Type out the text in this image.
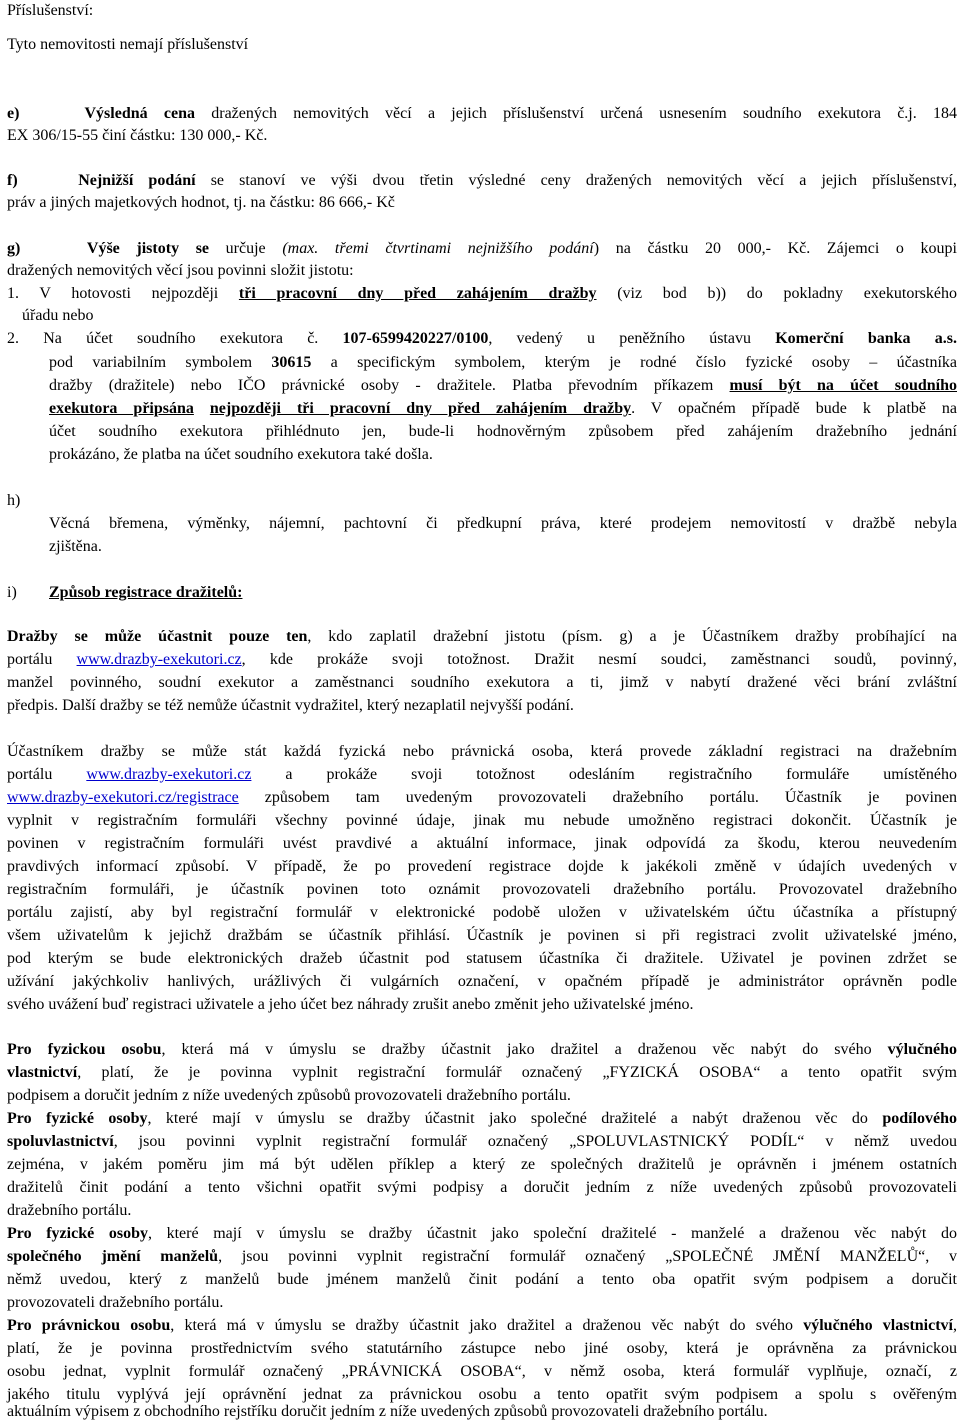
Příslušenství:
Tyto nemovitosti nemají příslušenství
e)	Výsledná cena dražených nemovitých věcí a jejich příslušenství určená usnesením soudního exekutora č.j. 184
EX 306/15-55 činí částku: 130 000,- Kč.
f)	Nejnižší podání se stanoví ve výši dvou třetin výsledné ceny dražených nemovitých věcí a jejich příslušenství,
práv a jiných majetkových hodnot, tj. na částku: 86 666,- Kč
g)	Výše jistoty se určuje (max. třemi čtvrtinami nejnižšího podání) na částku 20 000,- Kč. Zájemci o koupi
dražených nemovitých věcí jsou povinni složit jistotu:
1. V hotovosti nejpozději tři pracovní dny před zahájením dražby (viz bod b)) do pokladny exekutorského
úřadu nebo
2. Na účet soudního exekutora č. 107-6599420227/0100, vedený u peněžního ústavu Komerční banka a.s.
pod variabilním symbolem 30615 a specifickým symbolem, kterým je rodné číslo fyzické osoby – účastníka
dražby (dražitele) nebo IČO právnické osoby - dražitele. Platba převodním příkazem musí být na účet soudního
exekutora připsána nejpozději tři pracovní dny před zahájením dražby. V opačném případě bude k platbě na
účet soudního exekutora přihlédnuto jen, bude-li hodnověrným způsobem před zahájením dražebního jednání
prokázáno, že platba na účet soudního exekutora také došla.
h)
Věcná břemena, výměnky, nájemní, pachtovní či předkupní práva, které prodejem nemovitostí v dražbě nebyla
zjištěna.
i) Způsob registrace dražitelů:
Dražby se může účastnit pouze ten, kdo zaplatil dražební jistotu (písm. g) a je Účastníkem dražby probíhající na
portálu www.drazby-exekutori.cz, kde prokáže svoji totožnost. Dražit nesmí soudci, zaměstnanci soudů, povinný,
manžel povinného, soudní exekutor a zaměstnanci soudního exekutora a ti, jimž v nabytí dražené věci brání zvláštní
předpis. Další dražby se též nemůže účastnit vydražitel, který nezaplatil nejvyšší podání.
Účastníkem dražby se může stát každá fyzická nebo právnická osoba, která provede základní registraci na dražebním
portálu www.drazby-exekutori.cz a prokáže svoji totožnost odesláním registračního formuláře umístěného
www.drazby-exekutori.cz/registrace způsobem tam uvedeným provozovateli dražebního portálu. Účastník je povinen
vyplnit v registračním formuláři všechny povinné údaje, jinak mu nebude umožněno registraci dokončit. Účastník je
povinen v registračním formuláři uvést pravdivé a aktuální informace, jinak odpovídá za škodu, kterou neuvedením
pravdivých informací způsobí. V případě, že po provedení registrace dojde k jakékoli změně v údajích uvedených v
registračním formuláři, je účastník povinen toto oznámit provozovateli dražebního portálu. Provozovatel dražebního
portálu zajistí, aby byl registrační formulář v elektronické podobě uložen v uživatelském účtu účastníka a přístupný
všem uživatelům k jejichž dražbám se účastník přihlásí. Účastník je povinen si při registraci zvolit uživatelské jméno,
pod kterým se bude elektronických dražeb účastnit pod statusem účastníka či dražitele. Uživatel je povinen zdržet se
užívání jakýchkoliv hanlivých, urážlivých či vulgárních označení, v opačném případě je administrátor oprávněn podle
svého uvážení buď registraci uživatele a jeho účet bez náhrady zrušit anebo změnit jeho uživatelské jméno.
Pro fyzickou osobu, která má v úmyslu se dražby účastnit jako dražitel a draženou věc nabýt do svého výlučného
vlastnictví, platí, že je povinna vyplnit registrační formulář označený „FYZICKÁ OSOBA“ a tento opatřit svým
podpisem a doručit jedním z níže uvedených způsobů provozovateli dražebního portálu.
Pro fyzické osoby, které mají v úmyslu se dražby účastnit jako společné dražitelé a nabýt draženou věc do podílového
spoluvlastnictví, jsou povinni vyplnit registrační formulář označený „SPOLUVLASTNICKÝ PODÍL“ v němž uvedou
zejména, v jakém poměru jim má být udělen příklep a který ze společných dražitelů je oprávněn i jménem ostatních
dražitelů činit podání a tento všichni opatřit svými podpisy a doručit jedním z níže uvedených způsobů provozovateli
dražebního portálu.
Pro fyzické osoby, které mají v úmyslu se dražby účastnit jako společní dražitelé - manželé a draženou věc nabýt do
společného jmění manželů, jsou povinni vyplnit registrační formulář označený „SPOLEČNÉ JMĚNÍ MANŽELŮ“, v
němž uvedou, který z manželů bude jménem manželů činit podání a tento oba opatřit svým podpisem a doručit
provozovateli dražebního portálu.
Pro právnickou osobu, která má v úmyslu se dražby účastnit jako dražitel a draženou věc nabýt do svého výlučného vlastnictví,
platí, že je povinna prostřednictvím svého statutárního zástupce nebo jiné osoby, která je oprávněna za právnickou
osobu jednat, vyplnit formulář označený „PRÁVNICKÁ OSOBA“, v němž osoba, která formulář vyplňuje, označí, z
jakého titulu vyplývá její oprávnění jednat za právnickou osobu a tento opatřit svým podpisem a spolu s ověřeným
aktuálním výpisem z obchodního rejstříku doručit jedním z níže uvedených způsobů provozovateli dražebního portálu.
